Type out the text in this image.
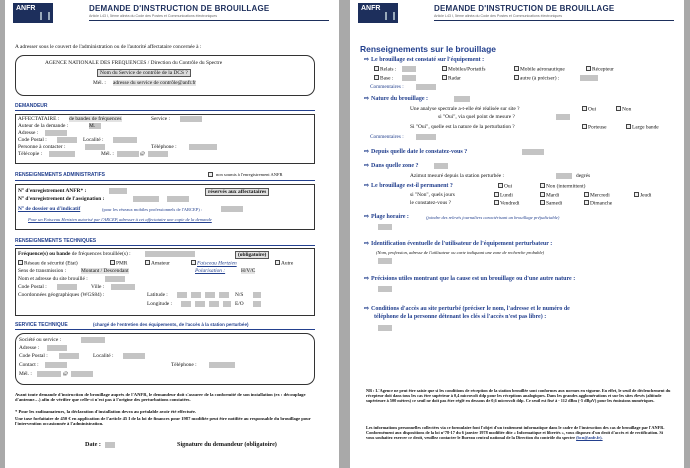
ANFR	DEMANDE D'INSTRUCTION DE BROUILLAGE
Article L43 I, 5ème alinéa du Code des Postes et Communications électroniques
A adresser sous le couvert de l'administration ou de l'autorité affectataire concernée à :
AGENCE NATIONALE DES FREQUENCES / Direction du Contrôle du Spectre
Nom du Service de contrôle de la DCS ?
Mél. : adresse du service de contrôle@anfr.fr
DEMANDEUR
AFFECTATAIRE : de bandes de fréquences	Service :
Auteur de la demande :	M.
Adresse :
Code Postal :	Localité :
Personne à contacter :	Téléphone :
Télécopie :	Mél. :	@
RENSEIGNEMENTS ADMINISTRATIFS	non soumis à l'enregistrement ANFR
N° d'enregistrement ANFR* :	réservés aux affectataires
N° d'enregistrement de l'assignation :
N° de dossier ou d'indicatif	(pour les réseaux mobiles professionnels de l'ARCEP) :
Pour un Faisceau Hertzien autorisé par l'ARCEP, adresser à cet affectataire une copie de la demande
RENSEIGNEMENTS TECHNIQUES
Fréquence(s) ou bande de fréquences brouillée(s) :	(obligatoire)
Réseau de sécurité (Etat)	PMR	Amateur	Faisceau Hertzien	Autre
Sens de transmission :	Montant / Descendant	Polarisation :	H/V/C
Nom et adresse du site brouillé :
Code Postal :	Ville :
Coordonnées géographiques (WGS84) :	Latitude :	N/S
Longitude :	E/O
SERVICE TECHNIQUE	(chargé de l'entretien des équipements, de l'accès à la station perturbée)
Société ou service :
Adresse :
Code Postal :	Localité :
Contact :	Téléphone :
Mél. :	@
Avant toute demande d'instruction de brouillage auprès de l'ANFR, le demandeur doit s'assurer de la conformité de son installation (ex : découplage d'antenne…) afin de vérifier que celle-ci n'est pas à l'origine des perturbations constatées.
* Pour les radioamateurs, la déclaration d'installation devra au préalable avoir été effectuée.
Une taxe forfaitaire de 450 € en application de l'article 45 I de la loi de finances pour 1987 modifiée peut être notifiée au responsable du brouillage pour l'intervention occasionnée à l'administration.
Date :	Signature du demandeur (obligatoire)
ANFR	DEMANDE D'INSTRUCTION DE BROUILLAGE
Article L43 I, 5ème alinéa du Code des Postes et Communications électroniques
Renseignements sur le brouillage
⇨ Le brouillage est constaté sur l'équipement :
Relais :	Mobiles/Portatifs	Mobile aéronautique	Récepteur
Base :	Radar	autre (à préciser) :
Commentaires :
⇨ Nature du brouillage :
Une analyse spectrale a-t-elle été réalisée sur site ?	Oui	Non
si "Oui", via quel point de mesure ?
Si "Oui", quelle est la nature de la perturbation ?	Porteuse	Large bande
Commentaires :
⇨ Depuis quelle date le constatez-vous ?
⇨ Dans quelle zone ?
Azimut mesuré depuis la station perturbée :	degrés
⇨ Le brouillage est-il permanent ?	Oui	Non (intermittent)
si "Non", quels jours	Lundi	Mardi	Mercredi	Jeudi
le constatez-vous ?	Vendredi	Samedi	Dimanche
⇨ Plage horaire :	(joindre des relevés journaliers caractérisant un brouillage préjudiciable)
⇨ Identification éventuelle de l'utilisateur de l'équipement perturbateur :
(Nom, profession, adresse de l'utilisateur ou carte indiquant une zone de recherche probable)
⇨ Précisions utiles montrant que la cause est un brouillage ou d'une autre nature :
⇨ Conditions d'accès au site perturbé (préciser le nom, l'adresse et le numéro de
téléphone de la personne détenant les clés si l'accès n'est pas libre) :
NB : L'Agence ne peut être saisie que si les conditions de réception de la station brouillée sont conformes aux normes en vigueur. En effet, le seuil de déclenchement du récepteur doit dans tous les cas être supérieur à 0,4 microvolt ddp pour les réceptions analogiques. Dans les grandes agglomérations et sur les sites élevés (altitude supérieure à 500 mètres) ce seuil ne doit pas être réglé en dessous de 0,6 microvolt ddp. Ce seuil est fixé à - 112 dBm (-5 dBµV) pour les émissions numériques.
Les informations personnelles collectées via ce formulaire font l'objet d'un traitement informatique dans le cadre de l'instruction des cas de brouillage par l'ANFR. Conformément aux dispositions de la loi n°78-17 du 6 janvier 1978 modifiée dite « Informatique et libertés », vous disposez d'un droit d'accès et de rectification. Si vous souhaitez exercer ce droit, veuillez contacter le Bureau central national de la Direction du contrôle du spectre (bcn@anfr.fr).
